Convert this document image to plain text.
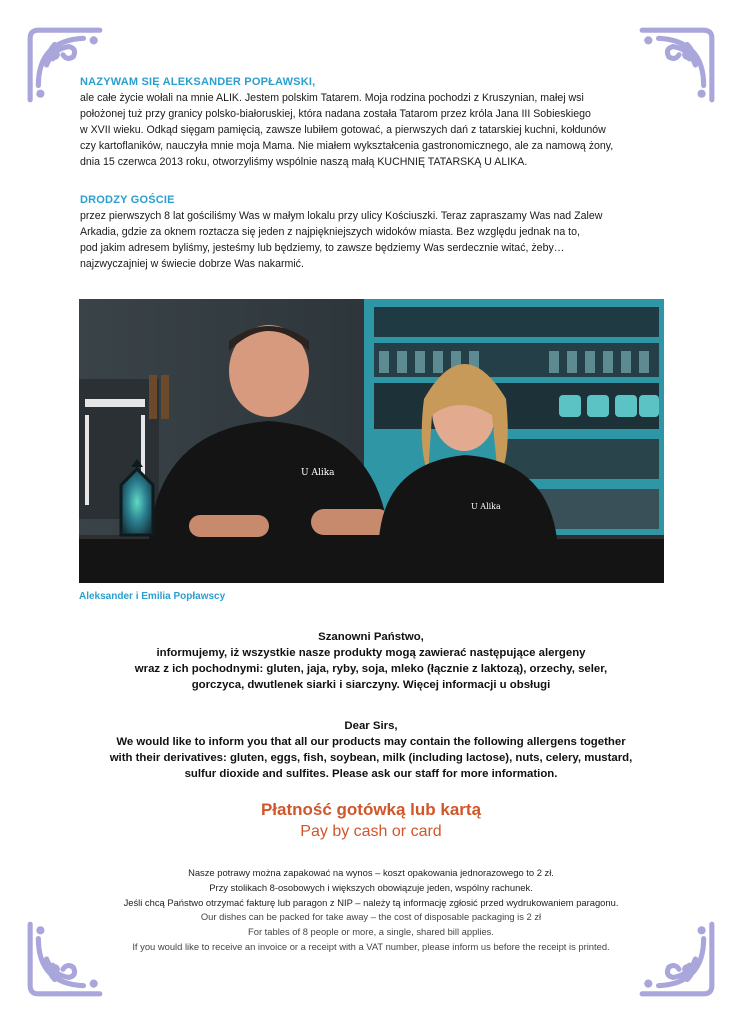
NAZYWAM SIĘ ALEKSANDER POPŁAWSKI,

ale całe życie wołali na mnie ALIK. Jestem polskim Tatarem. Moja rodzina pochodzi z Kruszynian, małej wsi

położonej tuż przy granicy polsko-białoruskiej, która nadana została Tatarom przez króla Jana III Sobieskiego

w XVII wieku. Odkąd sięgam pamięcią, zawsze lubiłem gotować, a pierwszych dań z tatarskiej kuchni, kołdunów

czy kartoflaników, nauczyła mnie moja Mama. Nie miałem wykształcenia gastronomicznego, ale za namową żony,

dnia 15 czerwca 2013 roku, otworzyliśmy wspólnie naszą małą KUCHNIĘ TATARSKĄ U ALIKA.

DRODZY GOŚCIE

przez pierwszych 8 lat gościliśmy Was w małym lokalu przy ulicy Kościuszki. Teraz zapraszamy Was nad Zalew

Arkadia, gdzie za oknem roztacza się jeden z najpiękniejszych widoków miasta. Bez względu jednak na to,

pod jakim adresem byliśmy, jesteśmy lub będziemy, to zawsze będziemy Was serdecznie witać, żeby…

najzwyczajniej w świecie dobrze Was nakarmić.

U Alika
U Alika
Aleksander i Emilia Popławscy
Szanowni Państwo,
informujemy, iż wszystkie nasze produkty mogą zawierać następujące alergeny
wraz z ich pochodnymi: gluten, jaja, ryby, soja, mleko (łącznie z laktozą), orzechy, seler,
gorczyca, dwutlenek siarki i siarczyny. Więcej informacji u obsługi
Dear Sirs,
We would like to inform you that all our products may contain the following allergens together
with their derivatives: gluten, eggs, fish, soybean, milk (including lactose), nuts, celery, mustard,
sulfur dioxide and sulfites. Please ask our staff for more information.
Płatność gotówką lub kartą
Pay by cash or card
Nasze potrawy można zapakować na wynos – koszt opakowania jednorazowego to 2 zł.
Przy stolikach 8-osobowych i większych obowiązuje jeden, wspólny rachunek.
Jeśli chcą Państwo otrzymać fakturę lub paragon z NIP – należy tą informację zgłosić przed wydrukowaniem paragonu.
Our dishes can be packed for take away – the cost of disposable packaging is 2 zł
For tables of 8 people or more, a single, shared bill applies.
If you would like to receive an invoice or a receipt with a VAT number, please inform us before the receipt is printed.
